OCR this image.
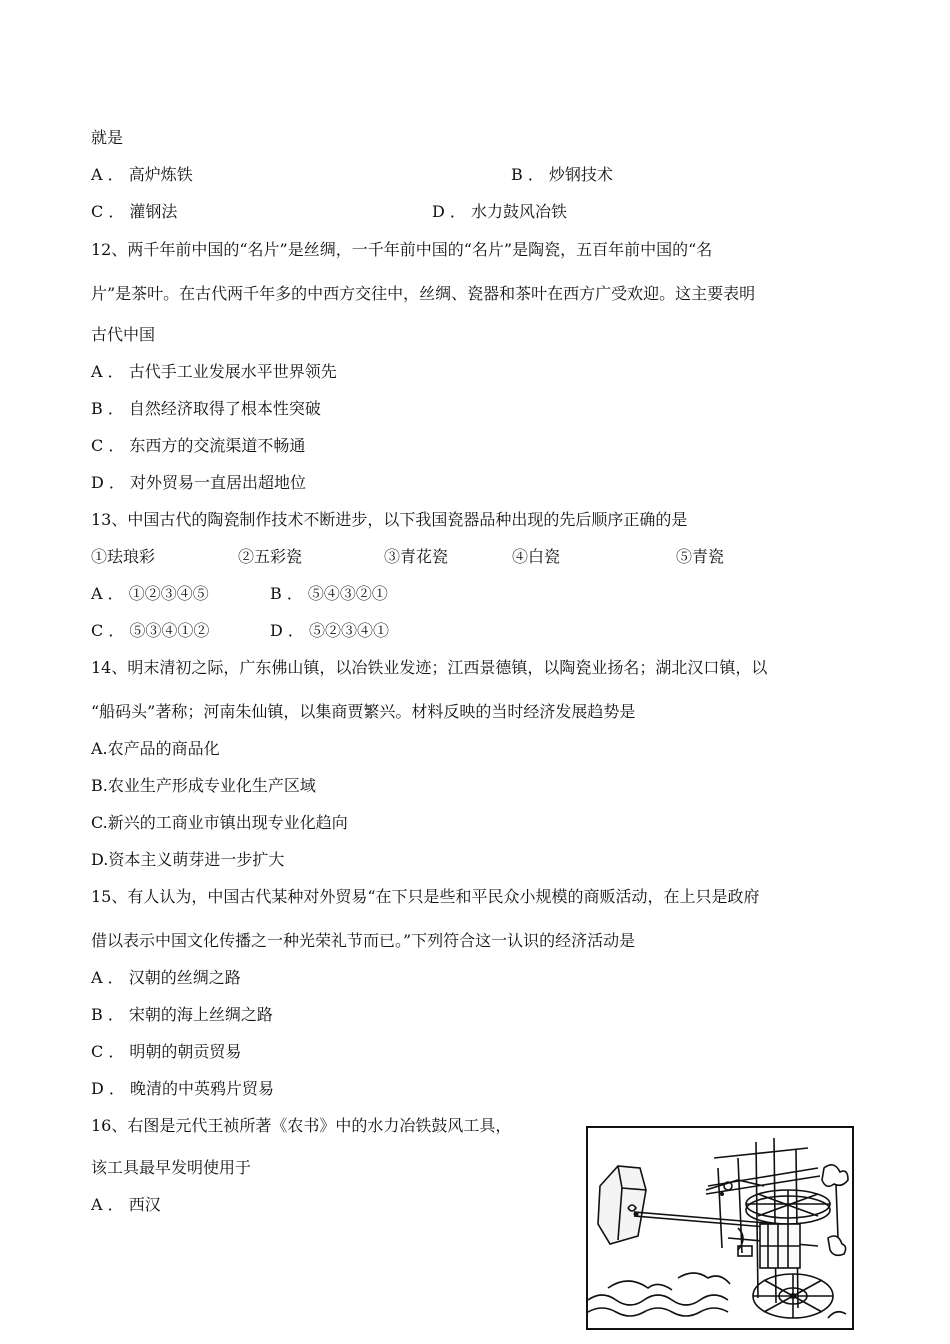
就是
A ． 高炉炼铁	B ． 炒钢技术
C ． 灌钢法	D ． 水力鼓风冶铁
12、两千年前中国的“名片”是丝绸，一千年前中国的“名片”是陶瓷，五百年前中国的“名
片”是茶叶。在古代两千年多的中西方交往中，丝绸、瓷器和茶叶在西方广受欢迎。这主要表明
古代中国
A ． 古代手工业发展水平世界领先
B ． 自然经济取得了根本性突破
C ． 东西方的交流渠道不畅通
D ． 对外贸易一直居出超地位
13、中国古代的陶瓷制作技术不断进步，以下我国瓷器品种出现的先后顺序正确的是
①珐琅彩	②五彩瓷	③青花瓷	④白瓷	⑤青瓷
A ． ①②③④⑤	B ． ⑤④③②①
C ． ⑤③④①②	D ． ⑤②③④①
14、明末清初之际，广东佛山镇，以冶铁业发迹；江西景德镇，以陶瓷业扬名；湖北汉口镇，以
“船码头”著称；河南朱仙镇，以集商贾繁兴。材料反映的当时经济发展趋势是
A.农产品的商品化
B.农业生产形成专业化生产区域
C.新兴的工商业市镇出现专业化趋向
D.资本主义萌芽进一步扩大
15、有人认为，中国古代某种对外贸易“在下只是些和平民众小规模的商贩活动，在上只是政府
借以表示中国文化传播之一种光荣礼节而已。”下列符合这一认识的经济活动是
A ． 汉朝的丝绸之路
B ． 宋朝的海上丝绸之路
C ． 明朝的朝贡贸易
D ． 晚清的中英鸦片贸易
16、右图是元代王祯所著《农书》中的水力冶铁鼓风工具，
该工具最早发明使用于
A ． 西汉
